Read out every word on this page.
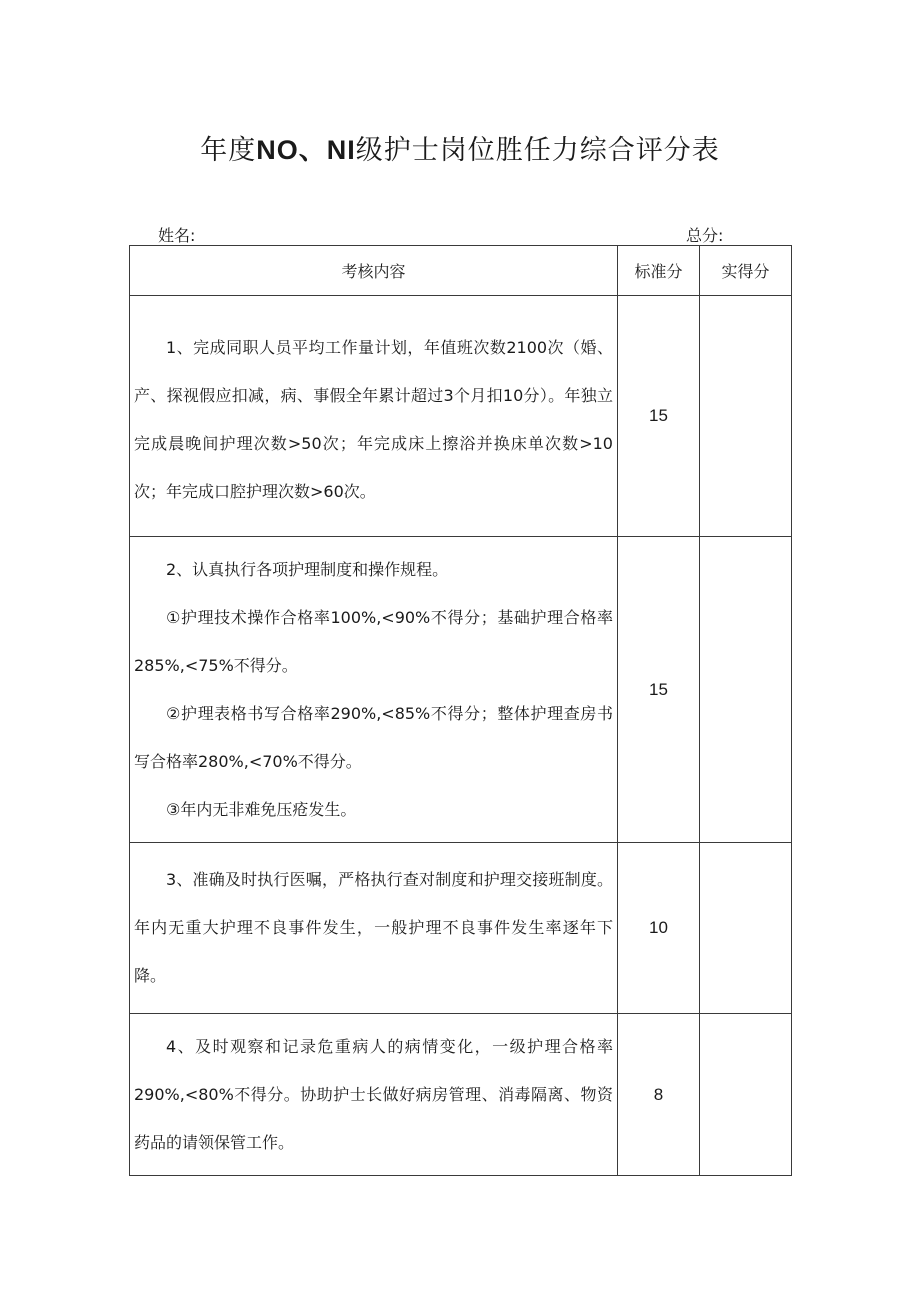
年度NO、NI级护士岗位胜任力综合评分表
姓名:	总分:
考核内容	标准分	实得分

1、完成同职人员平均工作量计划，年值班次数2100次（婚、产、探视假应扣减，病、事假全年累计超过3个月扣10分）。年独立完成晨晚间护理次数>50次；年完成床上擦浴并换床单次数>10次；年完成口腔护理次数>60次。	15	

2、认真执行各项护理制度和操作规程。

①护理技术操作合格率100%,<90%不得分；基础护理合格率285%,<75%不得分。

②护理表格书写合格率290%,<85%不得分；整体护理查房书写合格率280%,<70%不得分。

③年内无非难免压疮发生。	15	

3、准确及时执行医嘱，严格执行查对制度和护理交接班制度。年内无重大护理不良事件发生，一般护理不良事件发生率逐年下降。	10	

4、及时观察和记录危重病人的病情变化，一级护理合格率290%,<80%不得分。协助护士长做好病房管理、消毒隔离、物资药品的请领保管工作。	8	
